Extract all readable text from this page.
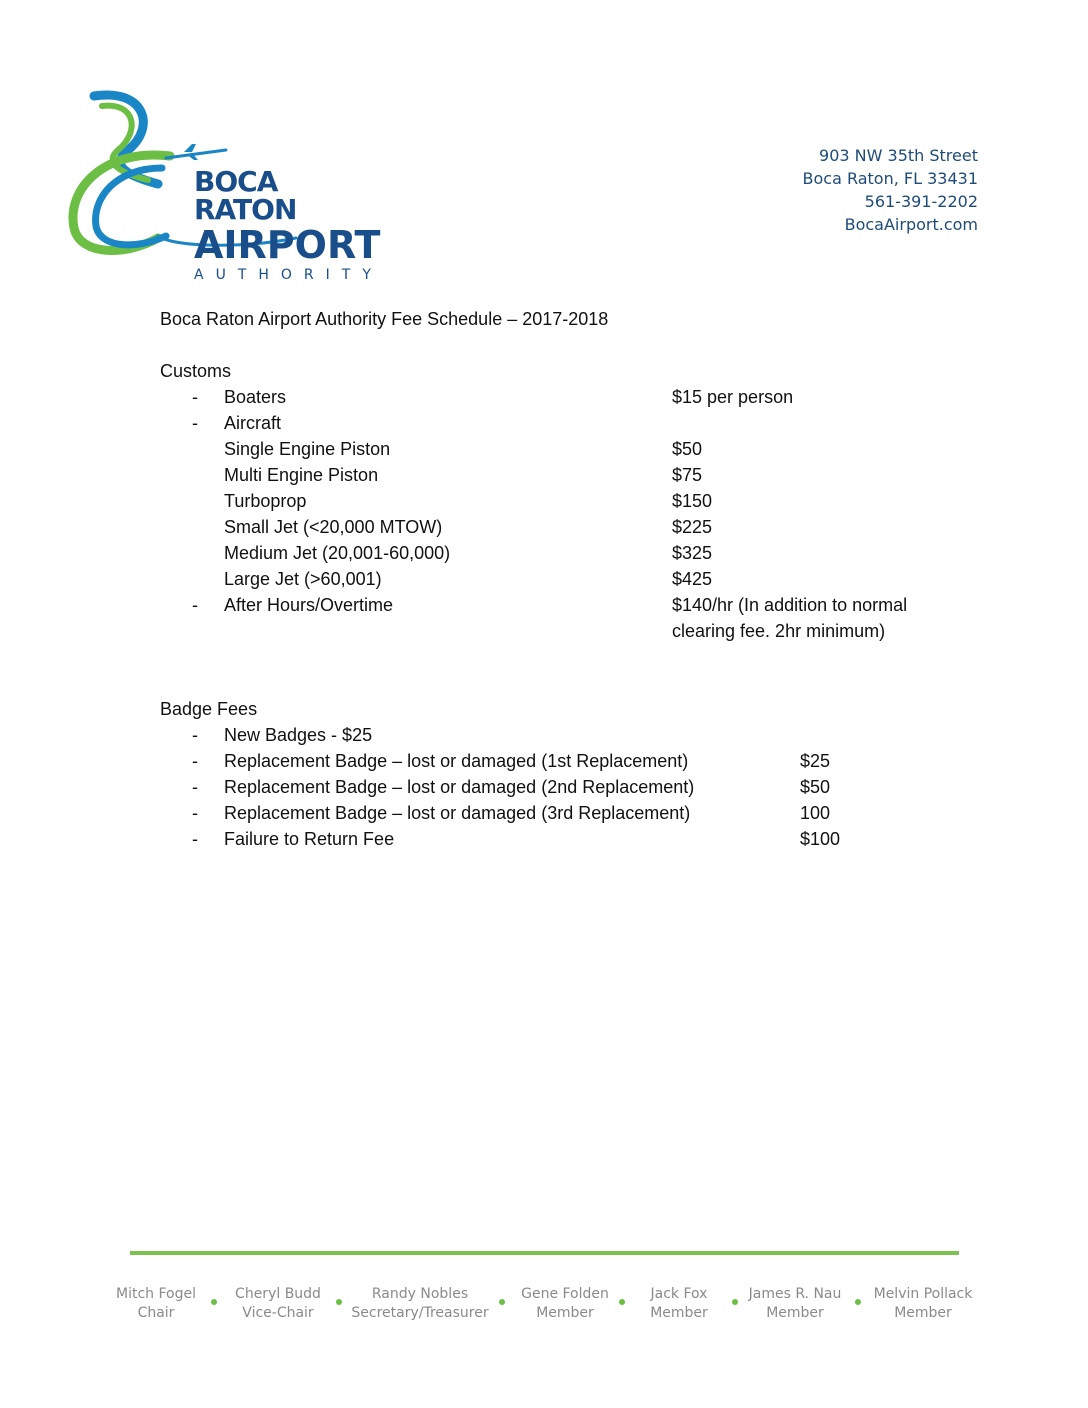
BOCA RATON
AIRPORT
AUTHORITY
903 NW 35th Street
Boca Raton, FL 33431
561-391-2202
BocaAirport.com
Boca Raton Airport Authority Fee Schedule – 2017-2018
Customs
- Boaters	$15 per person
- Aircraft
Single Engine Piston	$50
Multi Engine Piston	$75
Turboprop	$150
Small Jet (<20,000 MTOW)	$225
Medium Jet (20,001-60,000)	$325
Large Jet (>60,001)	$425
- After Hours/Overtime	$140/hr (In addition to normal clearing fee. 2hr minimum)
Badge Fees
- New Badges - $25
- Replacement Badge – lost or damaged (1st Replacement)	$25
- Replacement Badge – lost or damaged (2nd Replacement)	$50
- Replacement Badge – lost or damaged (3rd Replacement)	100
- Failure to Return Fee	$100
Mitch Fogel
Chair
Cheryl Budd
Vice-Chair
Randy Nobles
Secretary/Treasurer
Gene Folden
Member
Jack Fox
Member
James R. Nau
Member
Melvin Pollack
Member
